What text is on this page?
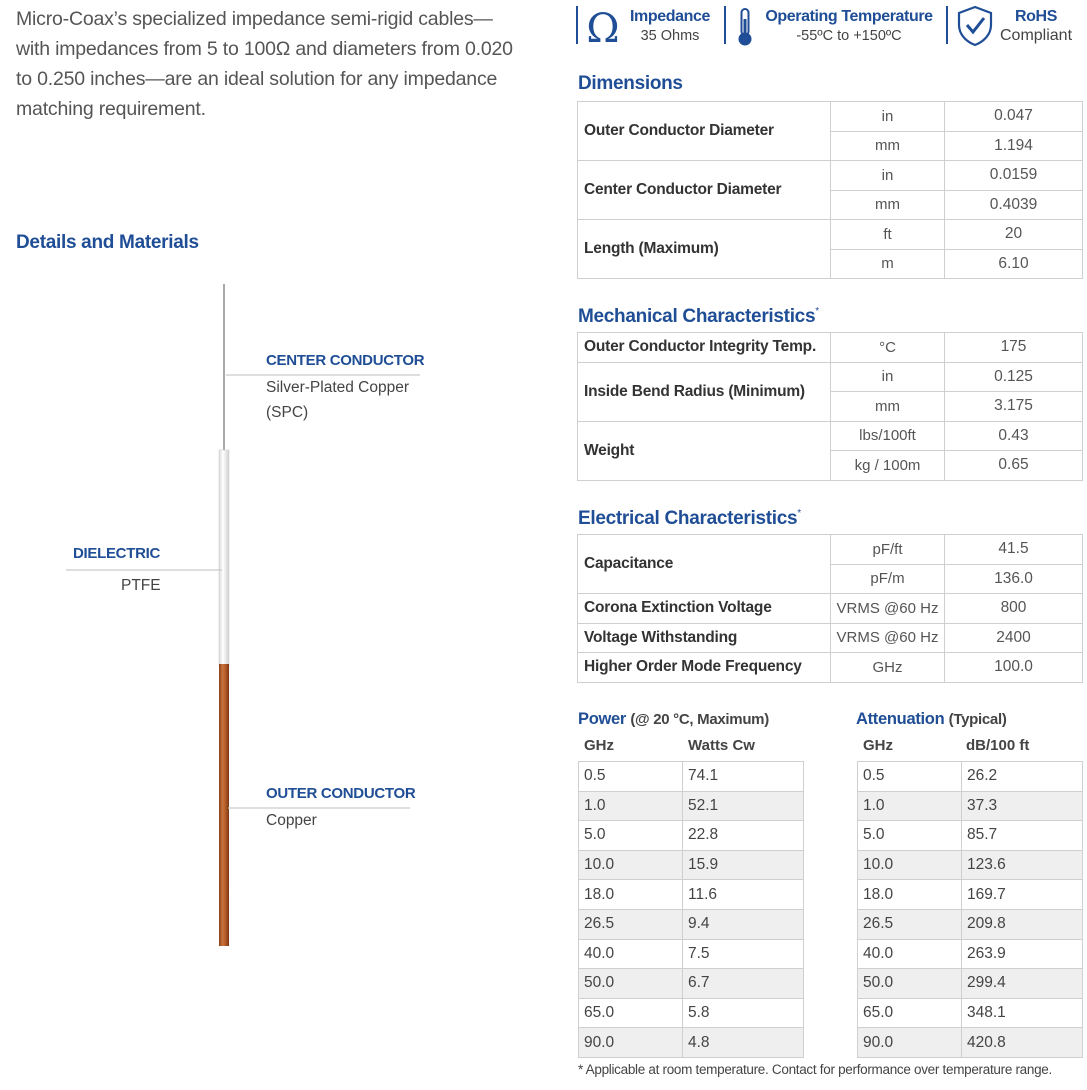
Micro-Coax’s specialized impedance semi-rigid cables—with impedances from 5 to 100Ω and diameters from 0.020 to 0.250 inches—are an ideal solution for any impedance matching requirement.
Details and Materials
CENTER CONDUCTOR
Silver-Plated Copper
(SPC)
DIELECTRIC
PTFE
OUTER CONDUCTOR
Copper
Ω Impedance
35 Ohms
Operating Temperature
-55ºC to +150ºC
RoHS
Compliant
Dimensions
Outer Conductor Diameter	in	0.047
	mm	1.194
Center Conductor Diameter	in	0.0159
	mm	0.4039
Length (Maximum)	ft	20
	m	6.10
Mechanical Characteristics*
Outer Conductor Integrity Temp.	°C	175
Inside Bend Radius (Minimum)	in	0.125
	mm	3.175
Weight	lbs/100ft	0.43
	kg / 100m	0.65
Electrical Characteristics*
Capacitance	pF/ft	41.5
	pF/m	136.0
Corona Extinction Voltage	VRMS @60 Hz	800
Voltage Withstanding	VRMS @60 Hz	2400
Higher Order Mode Frequency	GHz	100.0
Power (@ 20 °C, Maximum)
GHz	Watts Cw
0.5	74.1
1.0	52.1
5.0	22.8
10.0	15.9
18.0	11.6
26.5	9.4
40.0	7.5
50.0	6.7
65.0	5.8
90.0	4.8
Attenuation (Typical)
GHz	dB/100 ft
0.5	26.2
1.0	37.3
5.0	85.7
10.0	123.6
18.0	169.7
26.5	209.8
40.0	263.9
50.0	299.4
65.0	348.1
90.0	420.8
* Applicable at room temperature. Contact for performance over temperature range.
